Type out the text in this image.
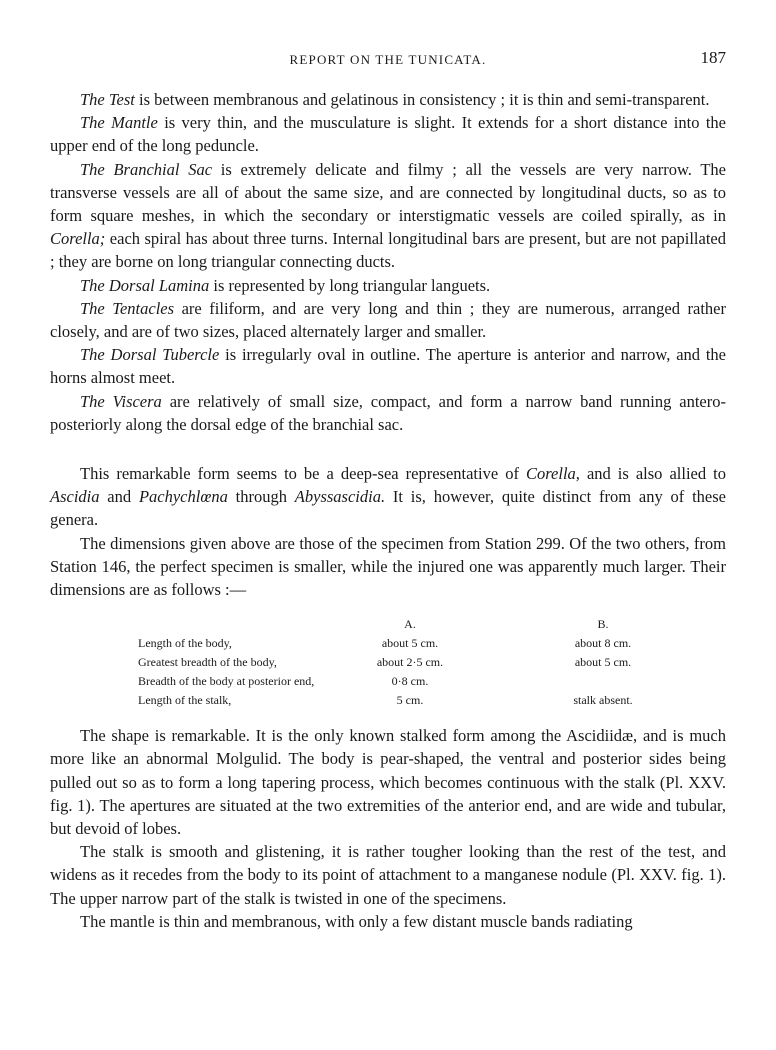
REPORT ON THE TUNICATA.	187

The Test is between membranous and gelatinous in consistency ; it is thin and semi-transparent.

The Mantle is very thin, and the musculature is slight. It extends for a short distance into the upper end of the long peduncle.

The Branchial Sac is extremely delicate and filmy ; all the vessels are very narrow. The transverse vessels are all of about the same size, and are connected by longitudinal ducts, so as to form square meshes, in which the secondary or interstigmatic vessels are coiled spirally, as in Corella; each spiral has about three turns. Internal longitudinal bars are present, but are not papillated ; they are borne on long triangular connecting ducts.

The Dorsal Lamina is represented by long triangular languets.

The Tentacles are filiform, and are very long and thin ; they are numerous, arranged rather closely, and are of two sizes, placed alternately larger and smaller.

The Dorsal Tubercle is irregularly oval in outline. The aperture is anterior and narrow, and the horns almost meet.

The Viscera are relatively of small size, compact, and form a narrow band running antero-posteriorly along the dorsal edge of the branchial sac.

This remarkable form seems to be a deep-sea representative of Corella, and is also allied to Ascidia and Pachychlœna through Abyssascidia. It is, however, quite distinct from any of these genera.

The dimensions given above are those of the specimen from Station 299. Of the two others, from Station 146, the perfect specimen is smaller, while the injured one was apparently much larger. Their dimensions are as follows :—

	A.		B.
Length of the body,	about 5 cm.		about 8 cm.
Greatest breadth of the body,	about 2·5 cm.		about 5 cm.
Breadth of the body at posterior end,	0·8 cm.		
Length of the stalk,	5 cm.		stalk absent.

The shape is remarkable. It is the only known stalked form among the Ascidiidæ, and is much more like an abnormal Molgulid. The body is pear-shaped, the ventral and posterior sides being pulled out so as to form a long tapering process, which becomes continuous with the stalk (Pl. XXV. fig. 1). The apertures are situated at the two extremities of the anterior end, and are wide and tubular, but devoid of lobes.

The stalk is smooth and glistening, it is rather tougher looking than the rest of the test, and widens as it recedes from the body to its point of attachment to a manganese nodule (Pl. XXV. fig. 1). The upper narrow part of the stalk is twisted in one of the specimens.

The mantle is thin and membranous, with only a few distant muscle bands radiating
